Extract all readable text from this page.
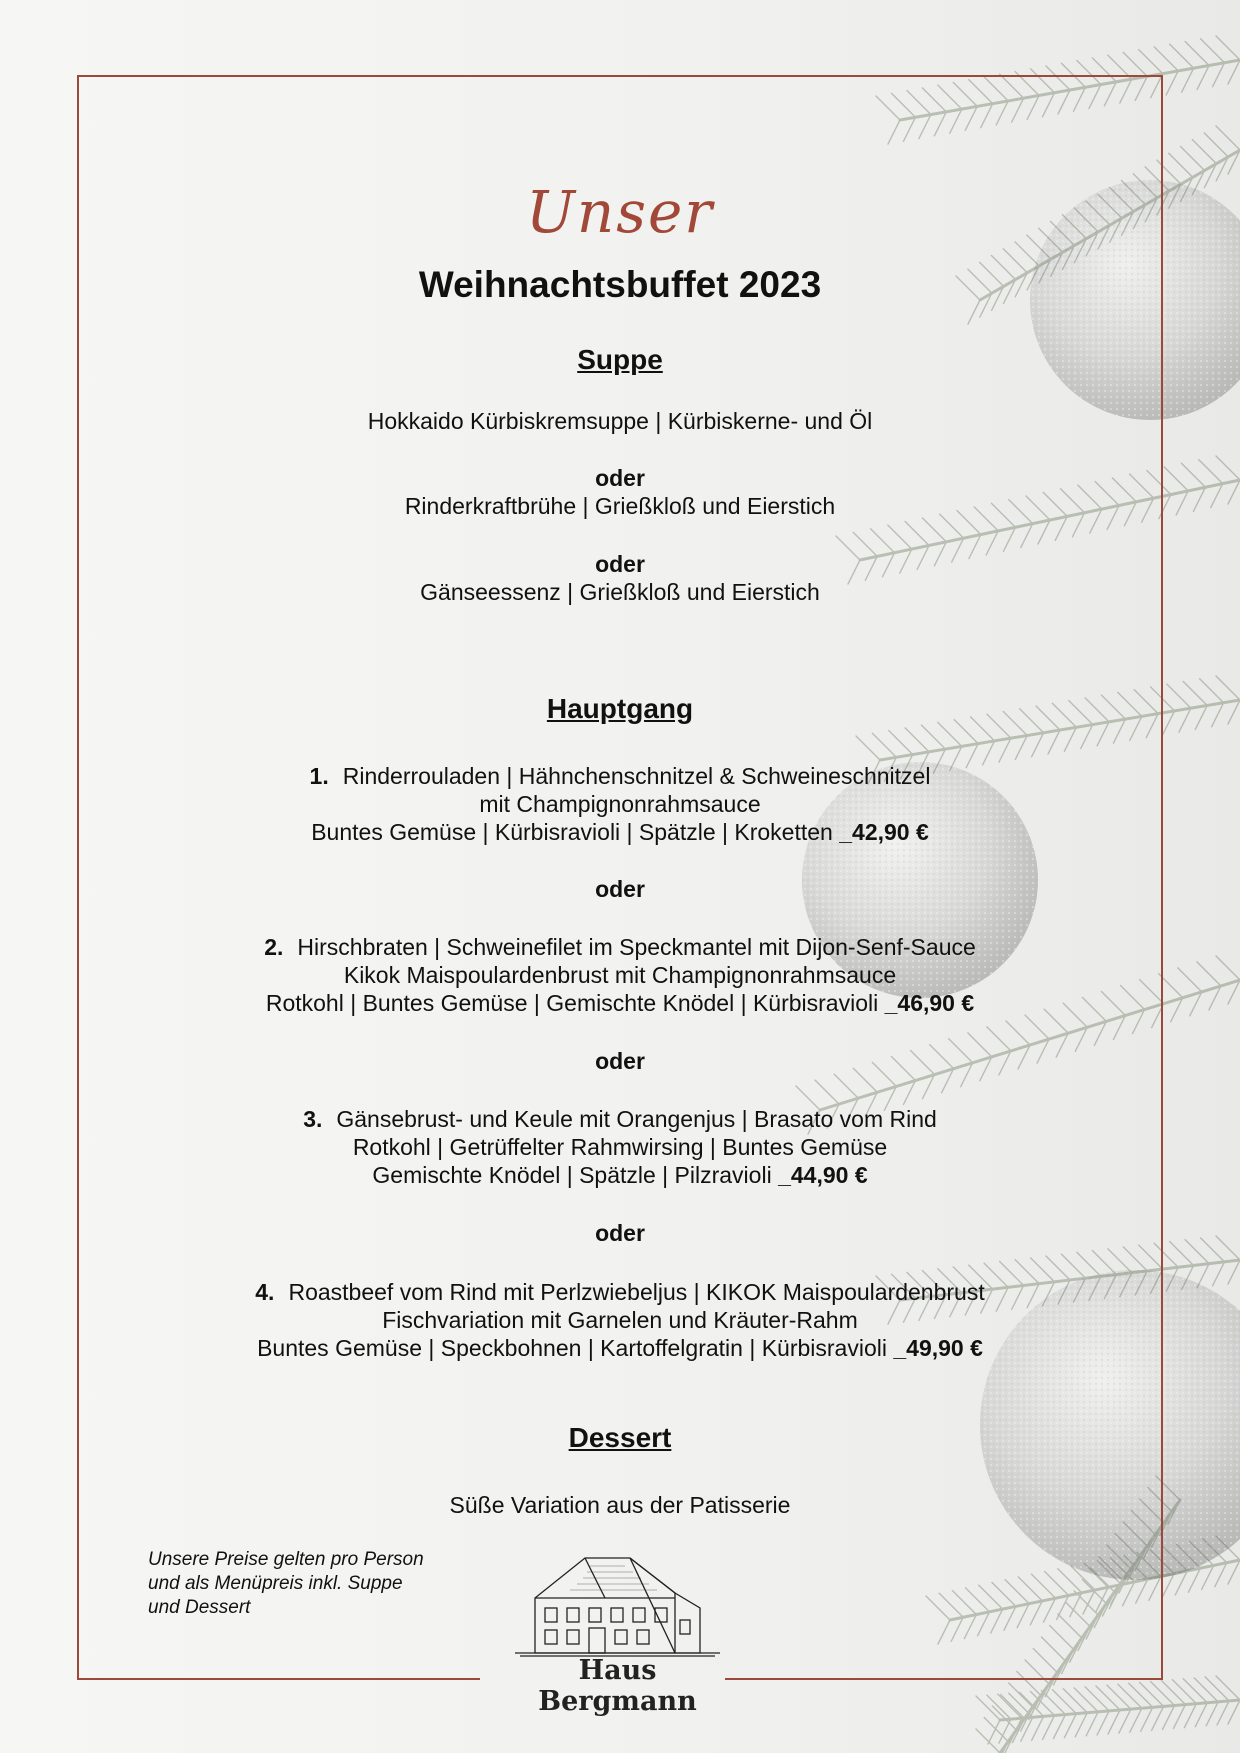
Unser
Weihnachtsbuffet 2023
Suppe
Hokkaido Kürbiskremsuppe | Kürbiskerne- und Öl
oder
Rinderkraftbrühe | Grießkloß und Eierstich
oder
Gänseessenz | Grießkloß und Eierstich
Hauptgang
1. Rinderrouladen | Hähnchenschnitzel & Schweineschnitzel
mit Champignonrahmsauce
Buntes Gemüse | Kürbisravioli | Spätzle | Kroketten _42,90 €
oder
2. Hirschbraten | Schweinefilet im Speckmantel mit Dijon-Senf-Sauce
Kikok Maispoulardenbrust mit Champignonrahmsauce
Rotkohl | Buntes Gemüse | Gemischte Knödel | Kürbisravioli _46,90 €
oder
3. Gänsebrust- und Keule mit Orangenjus | Brasato vom Rind
Rotkohl | Getrüffelter Rahmwirsing | Buntes Gemüse
Gemischte Knödel | Spätzle | Pilzravioli _44,90 €
oder
4. Roastbeef vom Rind mit Perlzwiebeljus | KIKOK Maispoulardenbrust
Fischvariation mit Garnelen und Kräuter-Rahm
Buntes Gemüse | Speckbohnen | Kartoffelgratin | Kürbisravioli _49,90 €
Dessert
Süße Variation aus der Patisserie
Unsere Preise gelten pro Person
und als Menüpreis inkl. Suppe
und Dessert
Haus Bergmann
